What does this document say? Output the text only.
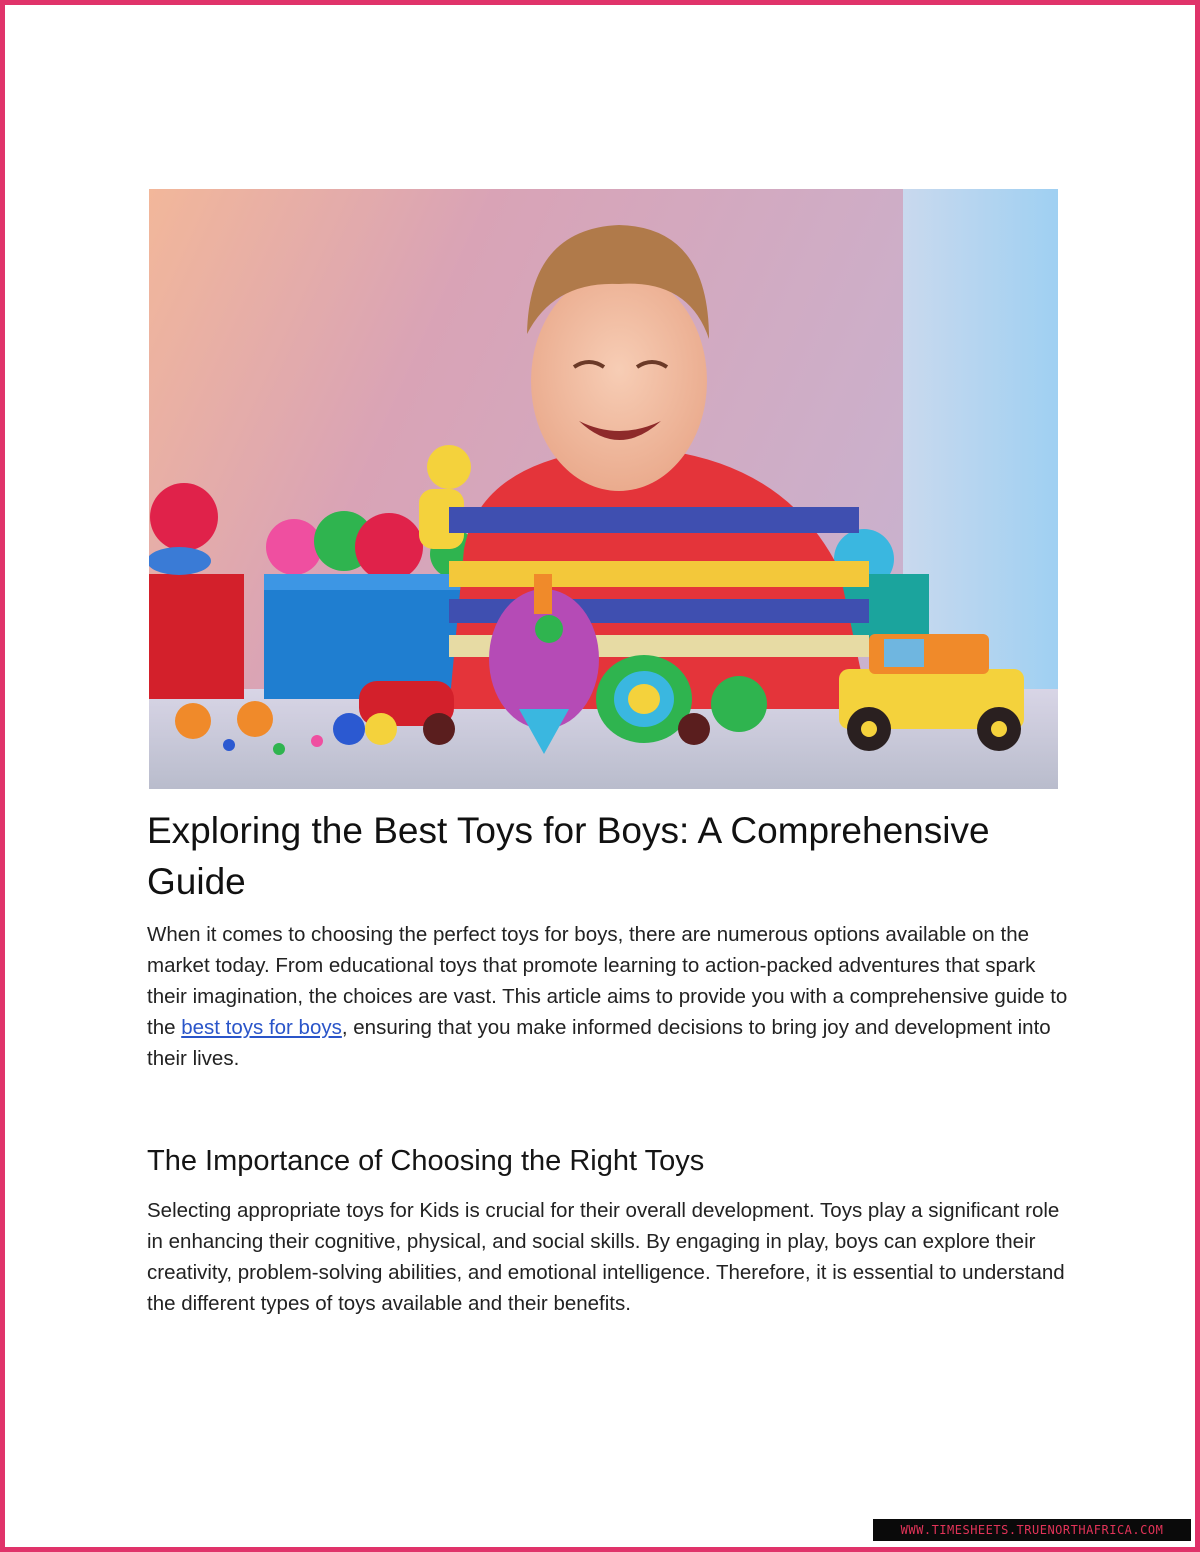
Exploring the Best Toys for Boys: A Comprehensive Guide

When it comes to choosing the perfect toys for boys, there are numerous options available on the market today. From educational toys that promote learning to action-packed adventures that spark their imagination, the choices are vast. This article aims to provide you with a comprehensive guide to the best toys for boys, ensuring that you make informed decisions to bring joy and development into their lives.

The Importance of Choosing the Right Toys

Selecting appropriate toys for Kids is crucial for their overall development. Toys play a significant role in enhancing their cognitive, physical, and social skills. By engaging in play, boys can explore their creativity, problem-solving abilities, and emotional intelligence. Therefore, it is essential to understand the different types of toys available and their benefits.

WWW.TIMESHEETS.TRUENORTHAFRICA.COM
